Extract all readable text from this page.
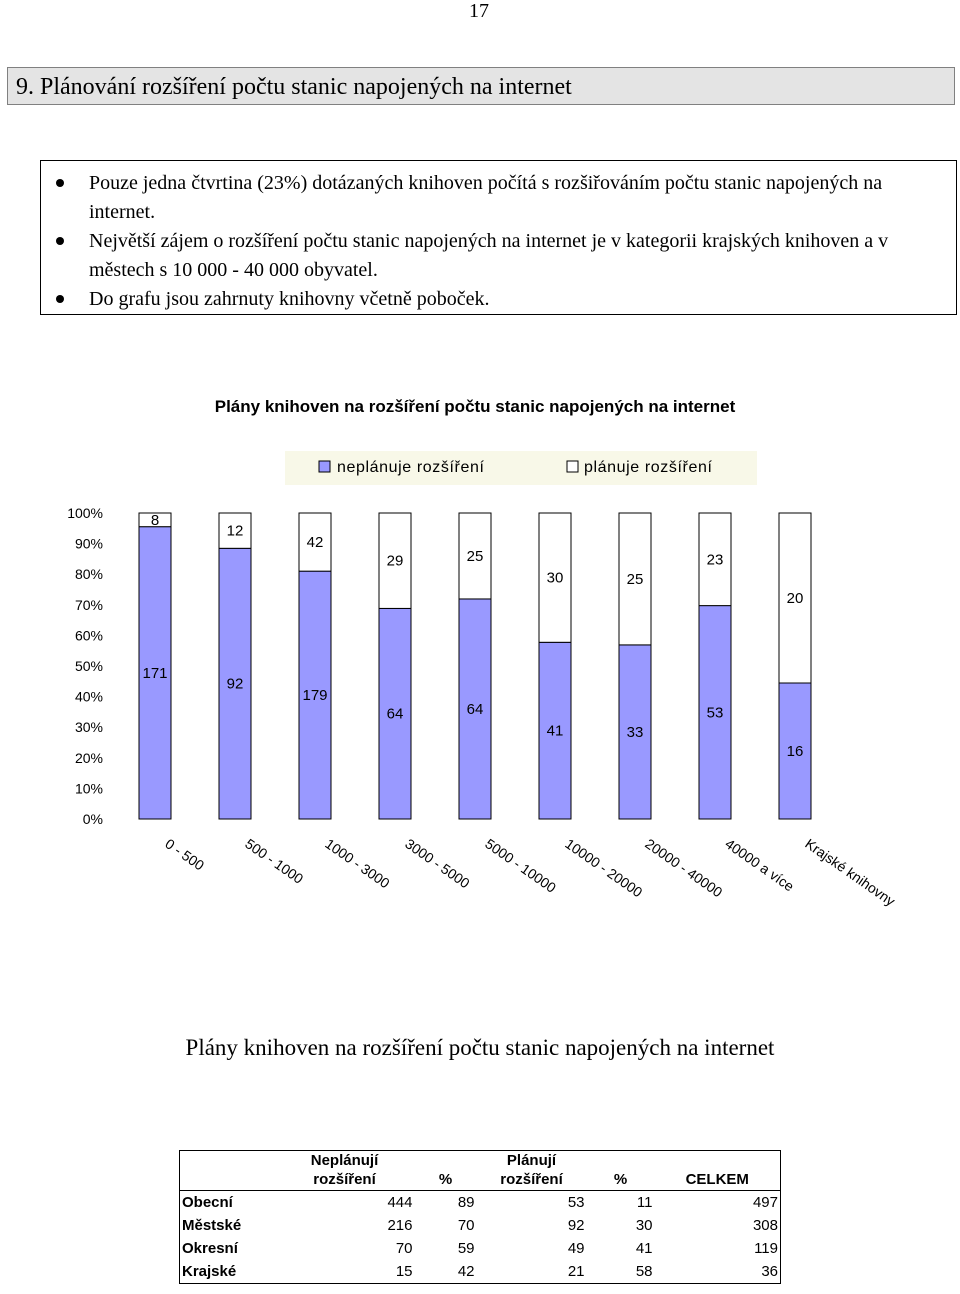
17
9. Plánování rozšíření počtu stanic napojených na internet
Pouze jedna čtvrtina (23%) dotázaných knihoven počítá s rozšiřováním počtu stanic napojených na internet.
Největší zájem o rozšíření počtu stanic napojených na internet je v kategorii krajských knihoven a v městech s 10 000 - 40 000 obyvatel.
Do grafu jsou zahrnuty knihovny včetně poboček.
Plány knihoven na rozšíření počtu stanic napojených na internet
neplánuje rozšíření	plánuje rozšíření
0%
10%
20%
30%
40%
50%
60%
70%
80%
90%
100%
171
8
92
12
179
42
64
29
64
25
41
30
33
25
53
23
16
20
0 - 500	500 - 1000 1000 - 3000 3000 - 5000 5000 - 10000 10000 - 20000
20000 - 40000
40000 a více Krajské knihovny
Plány knihoven na rozšíření počtu stanic napojených na internet
	Neplánují
rozšíření	%	Plánují
rozšíření	%	CELKEM
Obecní	444	89	53	11	497
Městské	216	70	92	30	308
Okresní	70	59	49	41	119
Krajské	15	42	21	58	36
